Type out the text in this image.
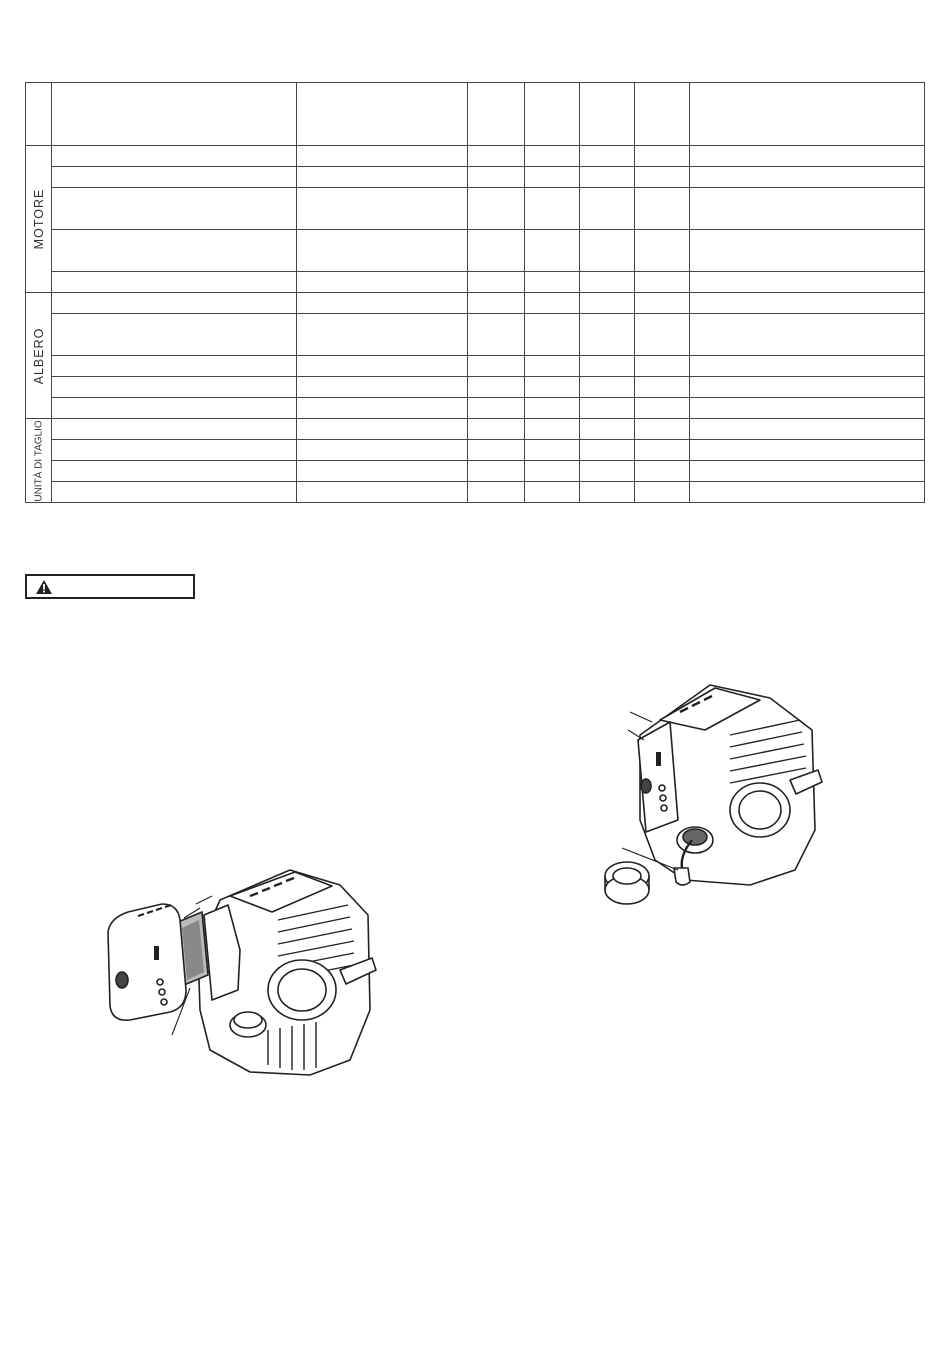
MOTORE							

ALBERO							

UNITÀ DI TAGLIO							
